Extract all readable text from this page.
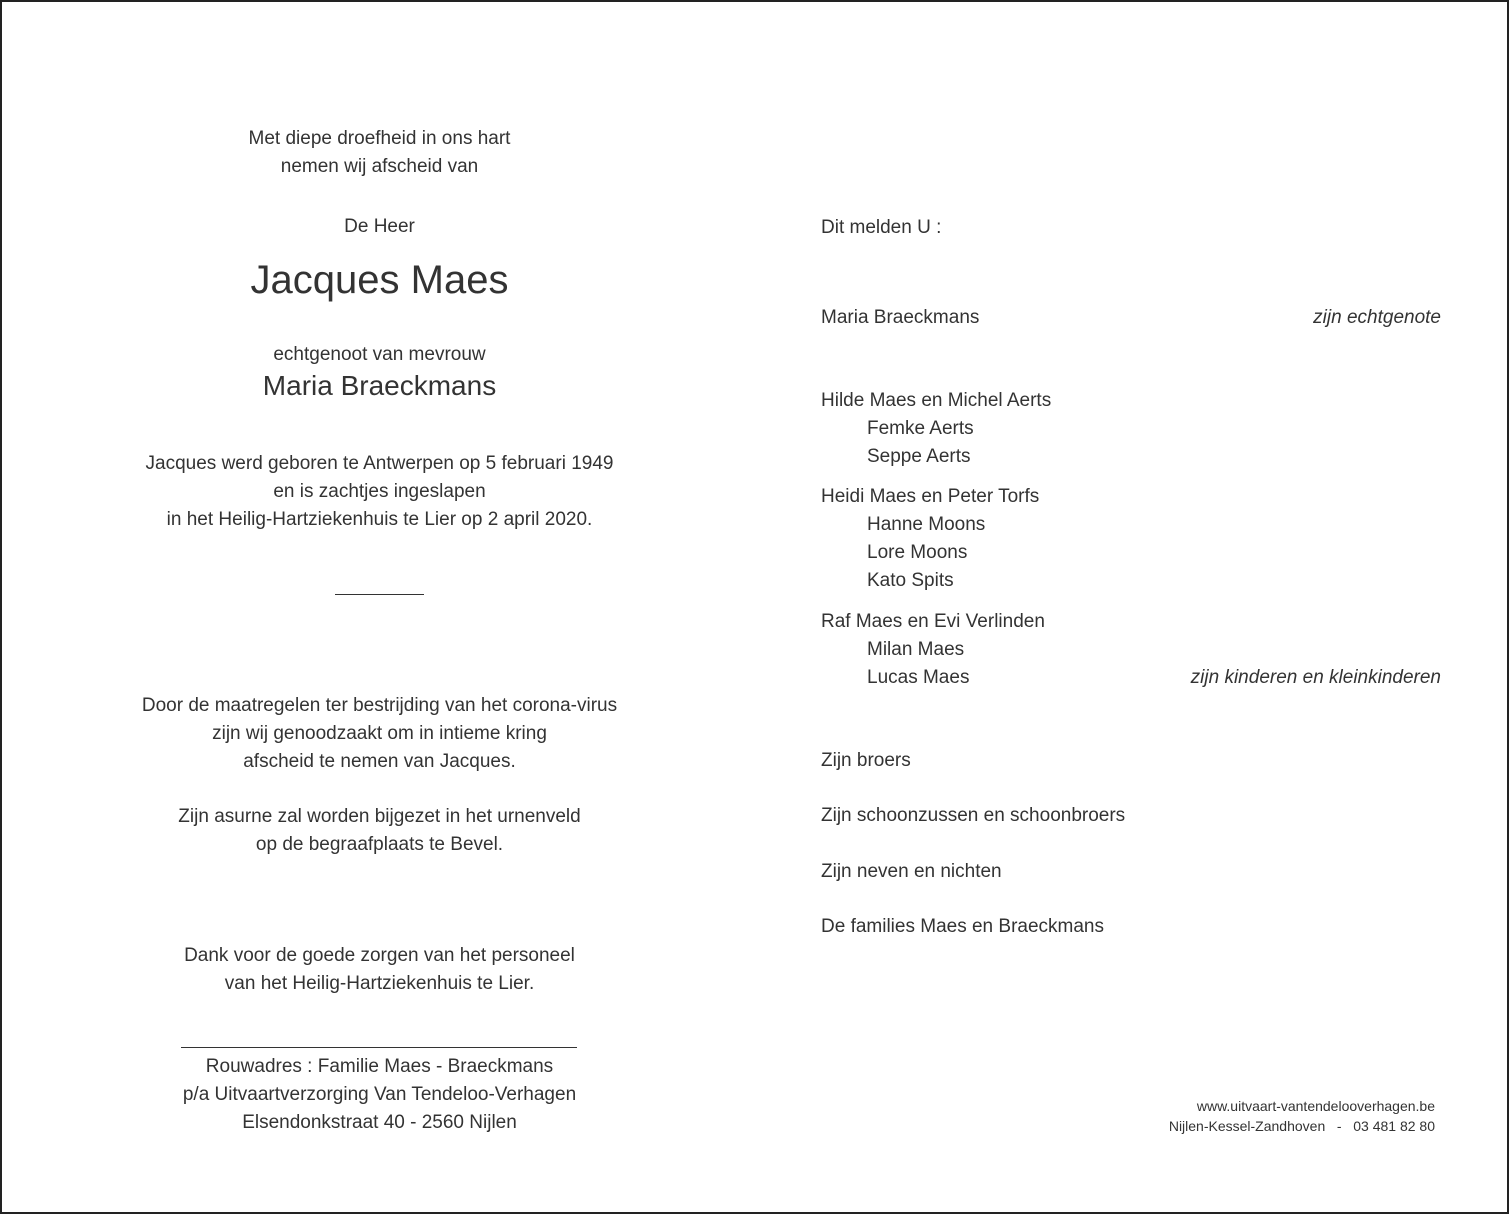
Met diepe droefheid in ons hart
nemen wij afscheid van
De Heer
Jacques Maes
echtgenoot van mevrouw
Maria Braeckmans
Jacques werd geboren te Antwerpen op 5 februari 1949
en is zachtjes ingeslapen
in het Heilig-Hartziekenhuis te Lier op 2 april 2020.
Door de maatregelen ter bestrijding van het corona-virus
zijn wij genoodzaakt om in intieme kring
afscheid te nemen van Jacques.
Zijn asurne zal worden bijgezet in het urnenveld
op de begraafplaats te Bevel.
Dank voor de goede zorgen van het personeel
van het Heilig-Hartziekenhuis te Lier.
Rouwadres : Familie Maes - Braeckmans
p/a Uitvaartverzorging Van Tendeloo-Verhagen
Elsendonkstraat 40 - 2560 Nijlen
Dit melden U :
Maria Braeckmans	zijn echtgenote
Hilde Maes en Michel Aerts
Femke Aerts
Seppe Aerts
Heidi Maes en Peter Torfs
Hanne Moons
Lore Moons
Kato Spits
Raf Maes en Evi Verlinden
Milan Maes
Lucas Maes	zijn kinderen en kleinkinderen
Zijn broers
Zijn schoonzussen en schoonbroers
Zijn neven en nichten
De families Maes en Braeckmans
www.uitvaart-vantendelooverhagen.be
Nijlen-Kessel-Zandhoven   -   03 481 82 80
